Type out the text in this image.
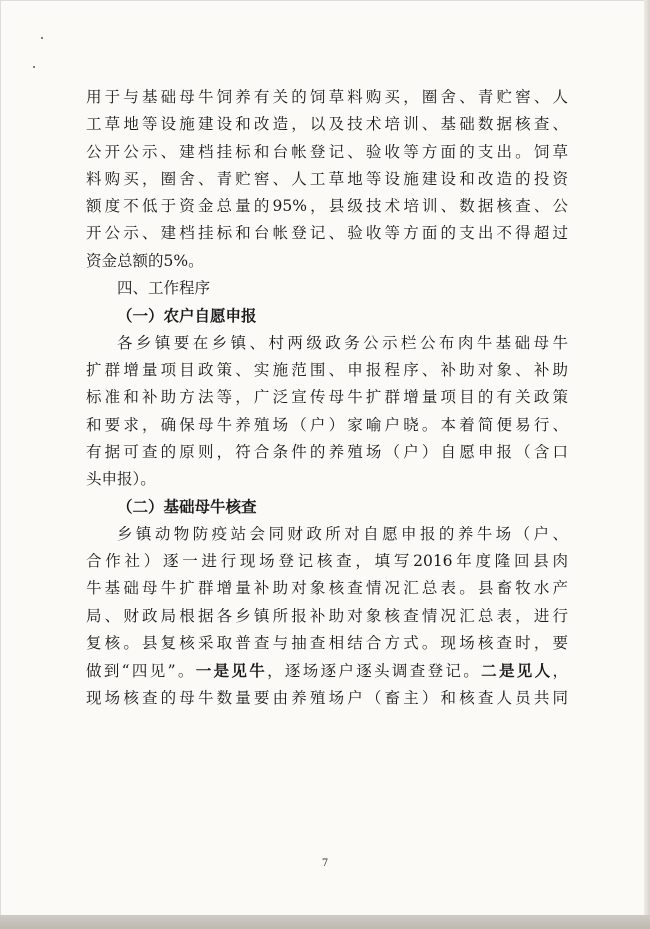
用于与基础母牛饲养有关的饲草料购买，圈舍、青贮窖、人
工草地等设施建设和改造，以及技术培训、基础数据核查、
公开公示、建档挂标和台帐登记、验收等方面的支出。饲草
料购买，圈舍、青贮窖、人工草地等设施建设和改造的投资
额度不低于资金总量的95%，县级技术培训、数据核查、公
开公示、建档挂标和台帐登记、验收等方面的支出不得超过
资金总额的5%。
四、工作程序
（一）农户自愿申报
各乡镇要在乡镇、村两级政务公示栏公布肉牛基础母牛
扩群增量项目政策、实施范围、申报程序、补助对象、补助
标准和补助方法等，广泛宣传母牛扩群增量项目的有关政策
和要求，确保母牛养殖场（户）家喻户晓。本着简便易行、
有据可查的原则，符合条件的养殖场（户）自愿申报（含口
头申报）。
（二）基础母牛核查
乡镇动物防疫站会同财政所对自愿申报的养牛场（户、
合作社）逐一进行现场登记核查，填写2016年度隆回县肉
牛基础母牛扩群增量补助对象核查情况汇总表。县畜牧水产
局、财政局根据各乡镇所报补助对象核查情况汇总表，进行
复核。县复核采取普查与抽查相结合方式。现场核查时，要
做到“四见”。一是见牛，逐场逐户逐头调查登记。二是见人，
现场核查的母牛数量要由养殖场户（畜主）和核查人员共同
7
